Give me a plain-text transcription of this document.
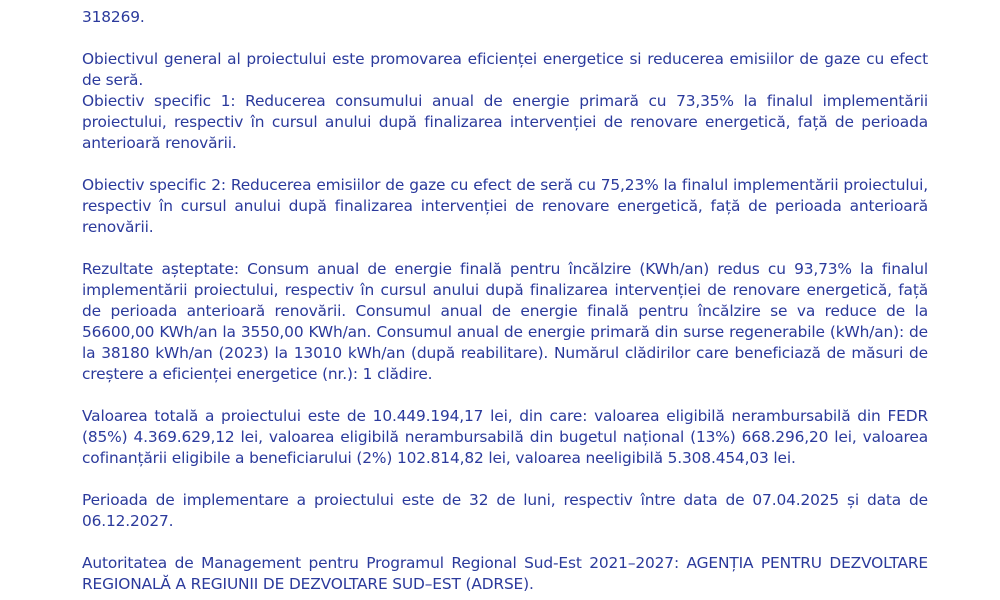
318269.

Obiectivul general al proiectului este promovarea eficienței energetice si reducerea emisiilor de gaze cu efect de seră.

Obiectiv specific 1: Reducerea consumului anual de energie primară cu 73,35% la finalul implementării proiectului, respectiv în cursul anului după finalizarea intervenției de renovare energetică, față de perioada anterioară renovării.

Obiectiv specific 2: Reducerea emisiilor de gaze cu efect de seră cu 75,23% la finalul implementării proiectului, respectiv în cursul anului după finalizarea intervenției de renovare energetică, față de perioada anterioară renovării.

Rezultate așteptate: Consum anual de energie finală pentru încălzire (KWh/an) redus cu 93,73% la finalul implementării proiectului, respectiv în cursul anului după finalizarea intervenției de renovare energetică, față de perioada anterioară renovării. Consumul anual de energie finală pentru încălzire se va reduce de la 56600,00 KWh/an la 3550,00 KWh/an. Consumul anual de energie primară din surse regenerabile (kWh/an): de la 38180 kWh/an (2023) la 13010 kWh/an (după reabilitare). Numărul clădirilor care beneficiază de măsuri de creștere a eficienței energetice (nr.): 1 clădire.

Valoarea totală a proiectului este de 10.449.194,17 lei, din care: valoarea eligibilă nerambursabilă din FEDR (85%) 4.369.629,12 lei, valoarea eligibilă nerambursabilă din bugetul național (13%) 668.296,20 lei, valoarea cofinanțării eligibile a beneficiarului (2%) 102.814,82 lei, valoarea neeligibilă 5.308.454,03 lei.

Perioada de implementare a proiectului este de 32 de luni, respectiv între data de 07.04.2025 și data de 06.12.2027.

Autoritatea de Management pentru Programul Regional Sud-Est 2021–2027: AGENȚIA PENTRU DEZVOLTARE REGIONALĂ A REGIUNII DE DEZVOLTARE SUD–EST (ADRSE).
